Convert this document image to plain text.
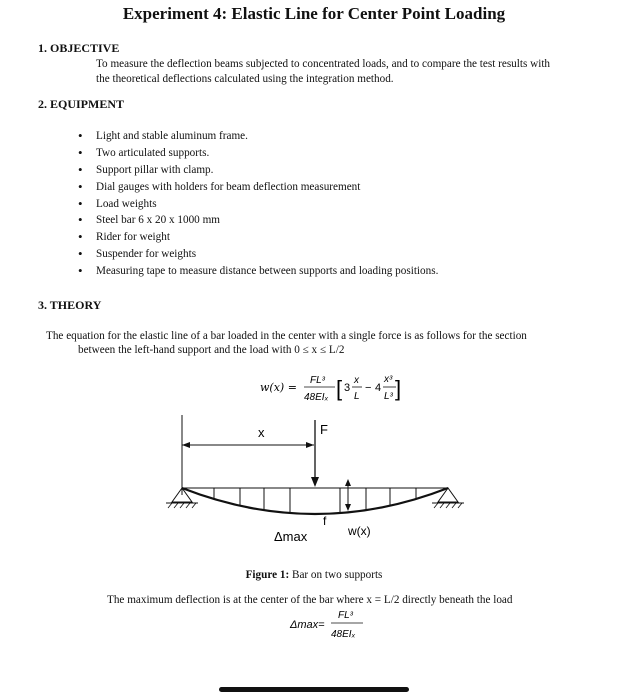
Experiment 4: Elastic Line for Center Point Loading
1. OBJECTIVE
To measure the deflection beams subjected to concentrated loads, and to compare the test results with
the theoretical deflections calculated using the integration method.
2. EQUIPMENT
• Light and stable aluminum frame.
• Two articulated supports.
• Support pillar with clamp.
• Dial gauges with holders for beam deflection measurement
• Load weights
• Steel bar 6 x 20 x 1000 mm
• Rider for weight
• Suspender for weights
• Measuring tape to measure distance between supports and loading positions.
3. THEORY
The equation for the elastic line of a bar loaded in the center with a single force is as follows for the section
between the left-hand support and the load with 0 ≤ x ≤ L/2
w(x) =
FL³
48EIₓ [ 3
x
L
− 4
x³
L³ ]
x	F
w(x)
f
Δmax
Figure 1: Bar on two supports
The maximum deflection is at the center of the bar where x = L/2 directly beneath the load
Δmax=
FL³
48EIₓ
